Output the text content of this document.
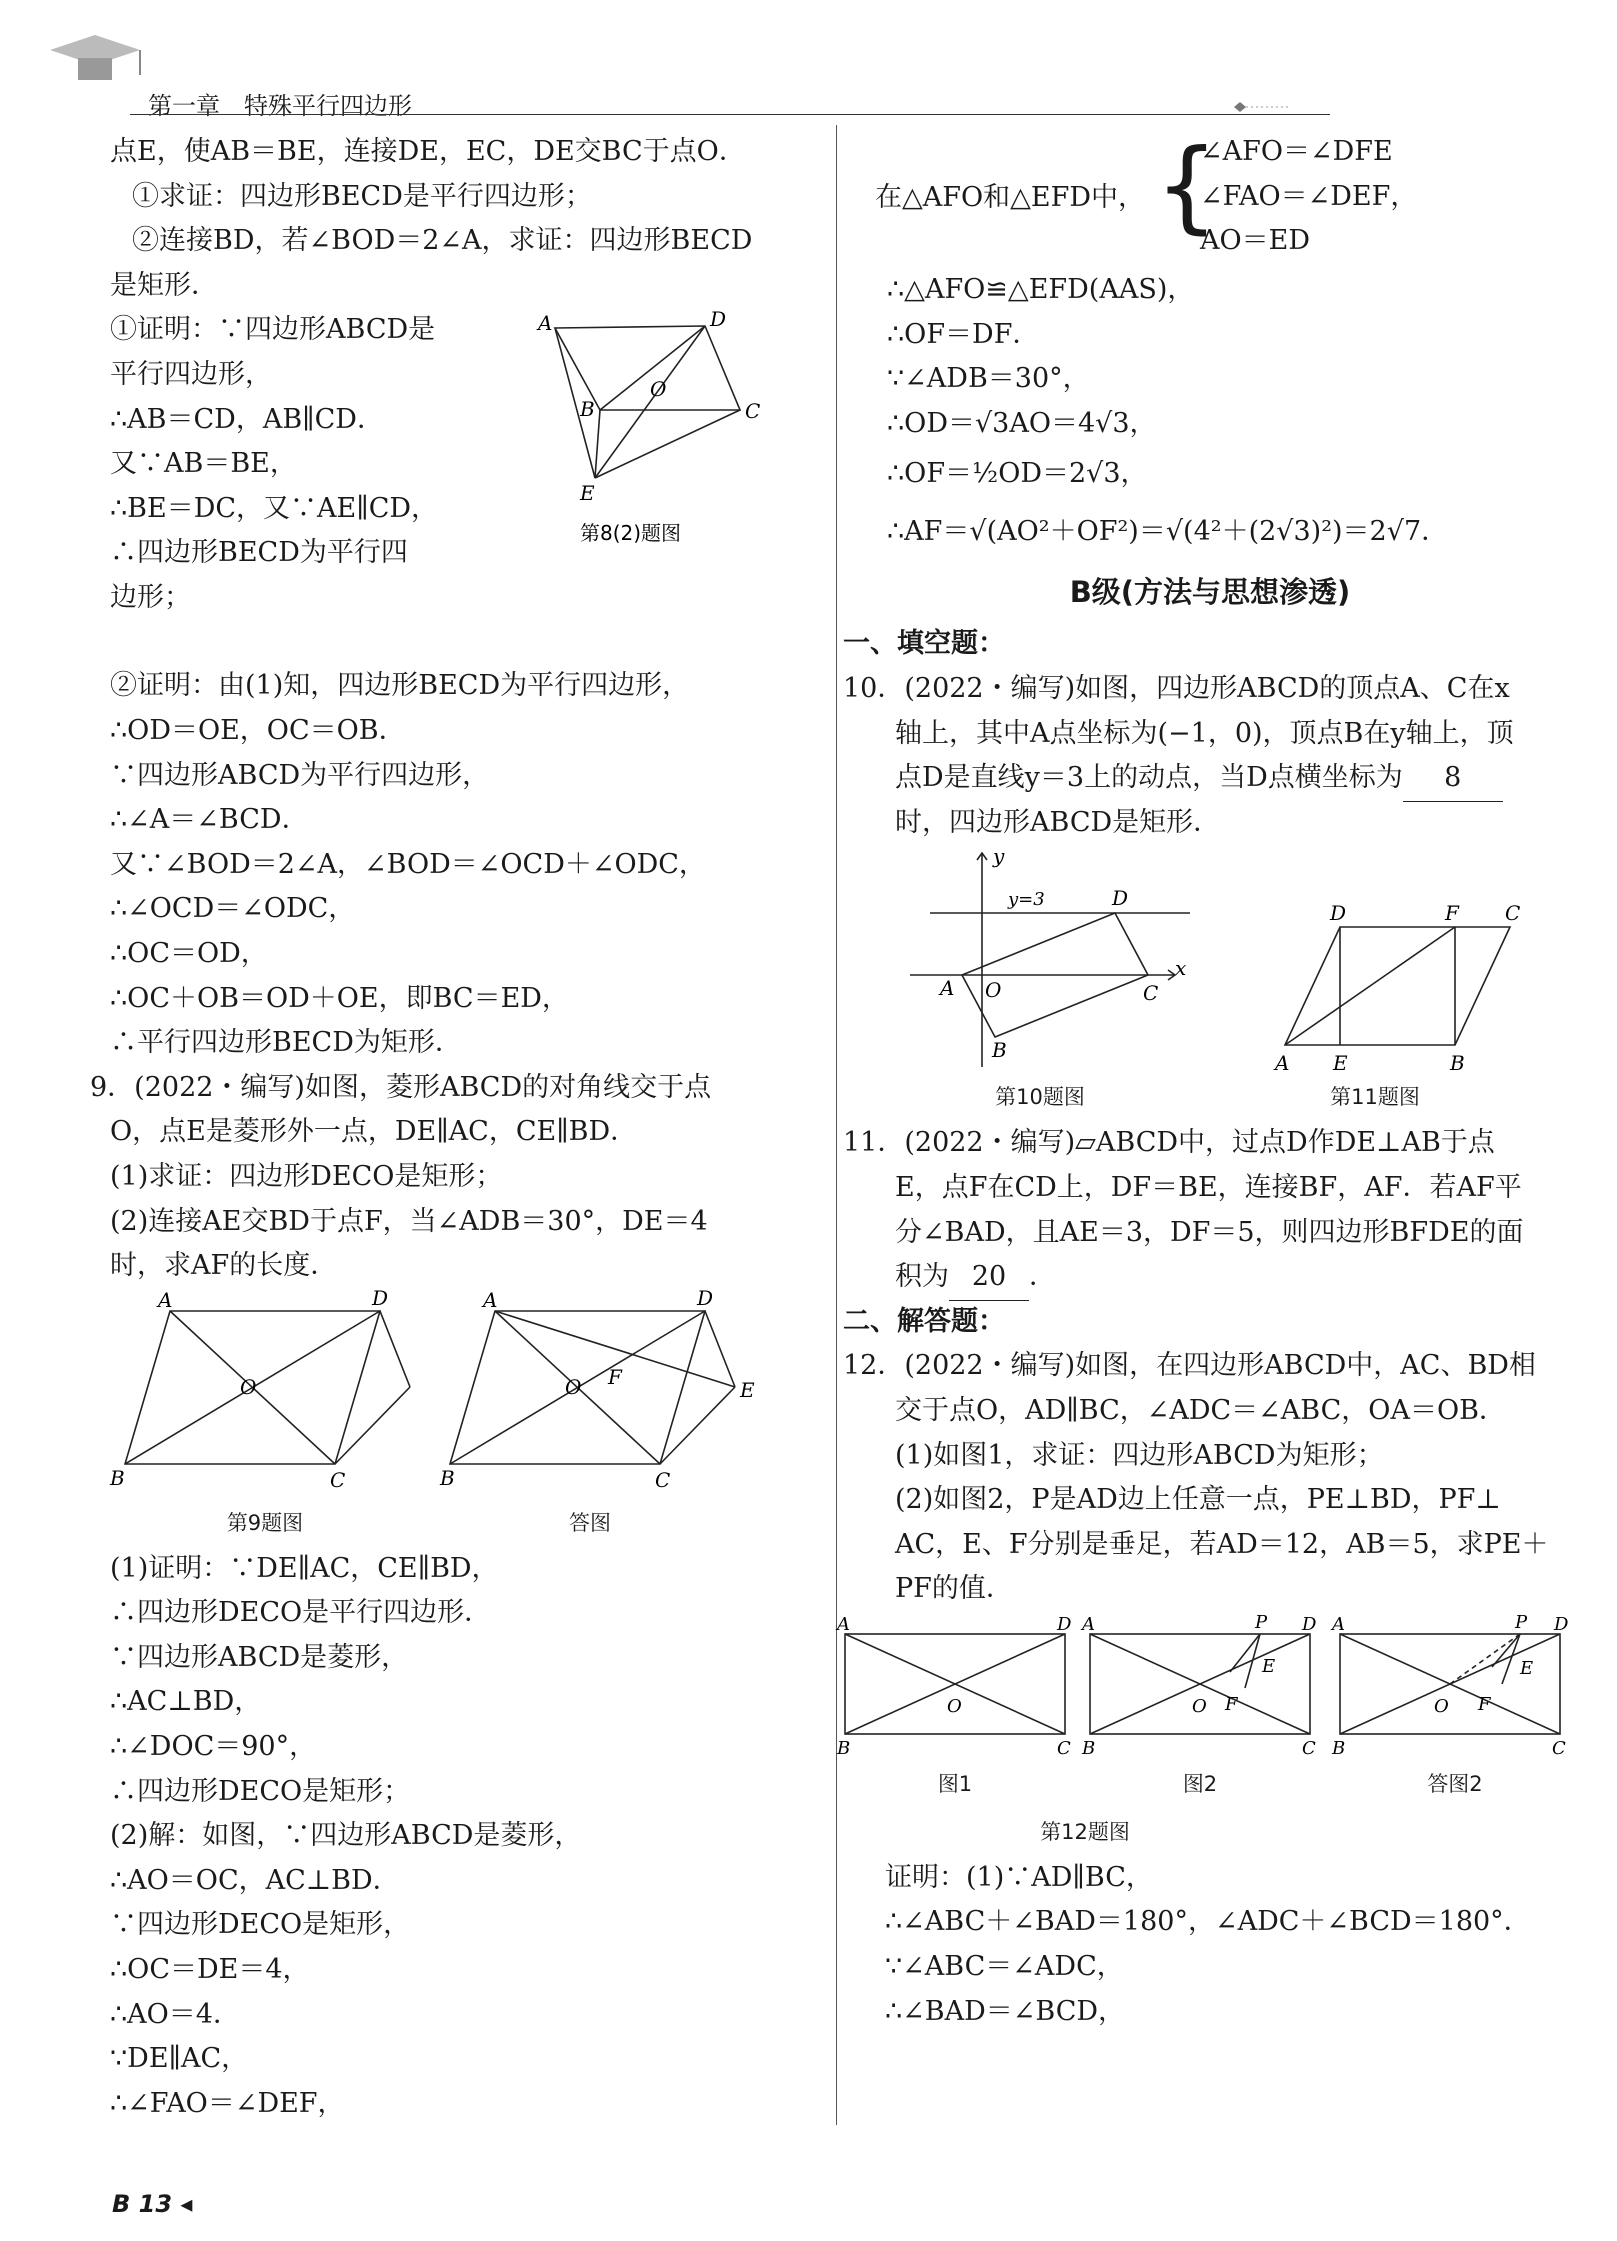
第一章　特殊平行四边形
点E，使AB＝BE，连接DE，EC，DE交BC于点O．
①求证：四边形BECD是平行四边形；
②连接BD，若∠BOD＝2∠A，求证：四边形BECD
是矩形．
①证明：∵四边形ABCD是
平行四边形，
∴AB＝CD，AB∥CD．
又∵AB＝BE，
∴BE＝DC，又∵AE∥CD，
∴四边形BECD为平行四
边形；
A	D
B	C
O
E
第8(2)题图
②证明：由(1)知，四边形BECD为平行四边形，
∴OD＝OE，OC＝OB．
∵四边形ABCD为平行四边形，
∴∠A＝∠BCD．
又∵∠BOD＝2∠A，∠BOD＝∠OCD＋∠ODC，
∴∠OCD＝∠ODC，
∴OC＝OD，
∴OC＋OB＝OD＋OE，即BC＝ED，
∴平行四边形BECD为矩形．
9．(2022・编写)如图，菱形ABCD的对角线交于点
O，点E是菱形外一点，DE∥AC，CE∥BD．
(1)求证：四边形DECO是矩形；
(2)连接AE交BD于点F，当∠ADB＝30°，DE＝4
时，求AF的长度．
A	D
B	C
O
A	D
B	C
O F
E
第9题图	答图
(1)证明：∵DE∥AC，CE∥BD，
∴四边形DECO是平行四边形．
∵四边形ABCD是菱形，
∴AC⊥BD，
∴∠DOC＝90°，
∴四边形DECO是矩形；
(2)解：如图，∵四边形ABCD是菱形，
∴AO＝OC，AC⊥BD．
∵四边形DECO是矩形，
∴OC＝DE＝4，
∴AO＝4．
∵DE∥AC，
∴∠FAO＝∠DEF，
在△AFO和△EFD中， {
∠AFO＝∠DFE
∠FAO＝∠DEF，
AO＝ED
∴△AFO≌△EFD(AAS)，
∴OF＝DF．
∵∠ADB＝30°，
∴OD＝√3AO＝4√3，
∴OF＝½OD＝2√3，
∴AF＝√(AO²＋OF²)＝√(4²＋(2√3)²)＝2√7．
B级(方法与思想渗透)
一、填空题：
10．(2022・编写)如图，四边形ABCD的顶点A、C在x
轴上，其中A点坐标为(−1，0)，顶点B在y轴上，顶
点D是直线y＝3上的动点，当D点横坐标为 8
时，四边形ABCD是矩形．
y
x
y=3	D
A O	C
B
D	F C
A E	B
第10题图	第11题图
11．(2022・编写)▱ABCD中，过点D作DE⊥AB于点
E，点F在CD上，DF＝BE，连接BF，AF．若AF平
分∠BAD，且AE＝3，DF＝5，则四边形BFDE的面
积为 20 ．
二、解答题：
12．(2022・编写)如图，在四边形ABCD中，AC、BD相
交于点O，AD∥BC，∠ADC＝∠ABC，OA＝OB．
(1)如图1，求证：四边形ABCD为矩形；
(2)如图2，P是AD边上任意一点，PE⊥BD，PF⊥
AC，E、F分别是垂足，若AD＝12，AB＝5，求PE＋
PF的值．
A	D
B	C
O
A	P D
B	C
O
E
F
A	P D
B	C
O
E
F
图1	图2	答图2
第12题图
证明：(1)∵AD∥BC，
∴∠ABC＋∠BAD＝180°，∠ADC＋∠BCD＝180°．
∵∠ABC＝∠ADC，
∴∠BAD＝∠BCD，
B 13 ◂
